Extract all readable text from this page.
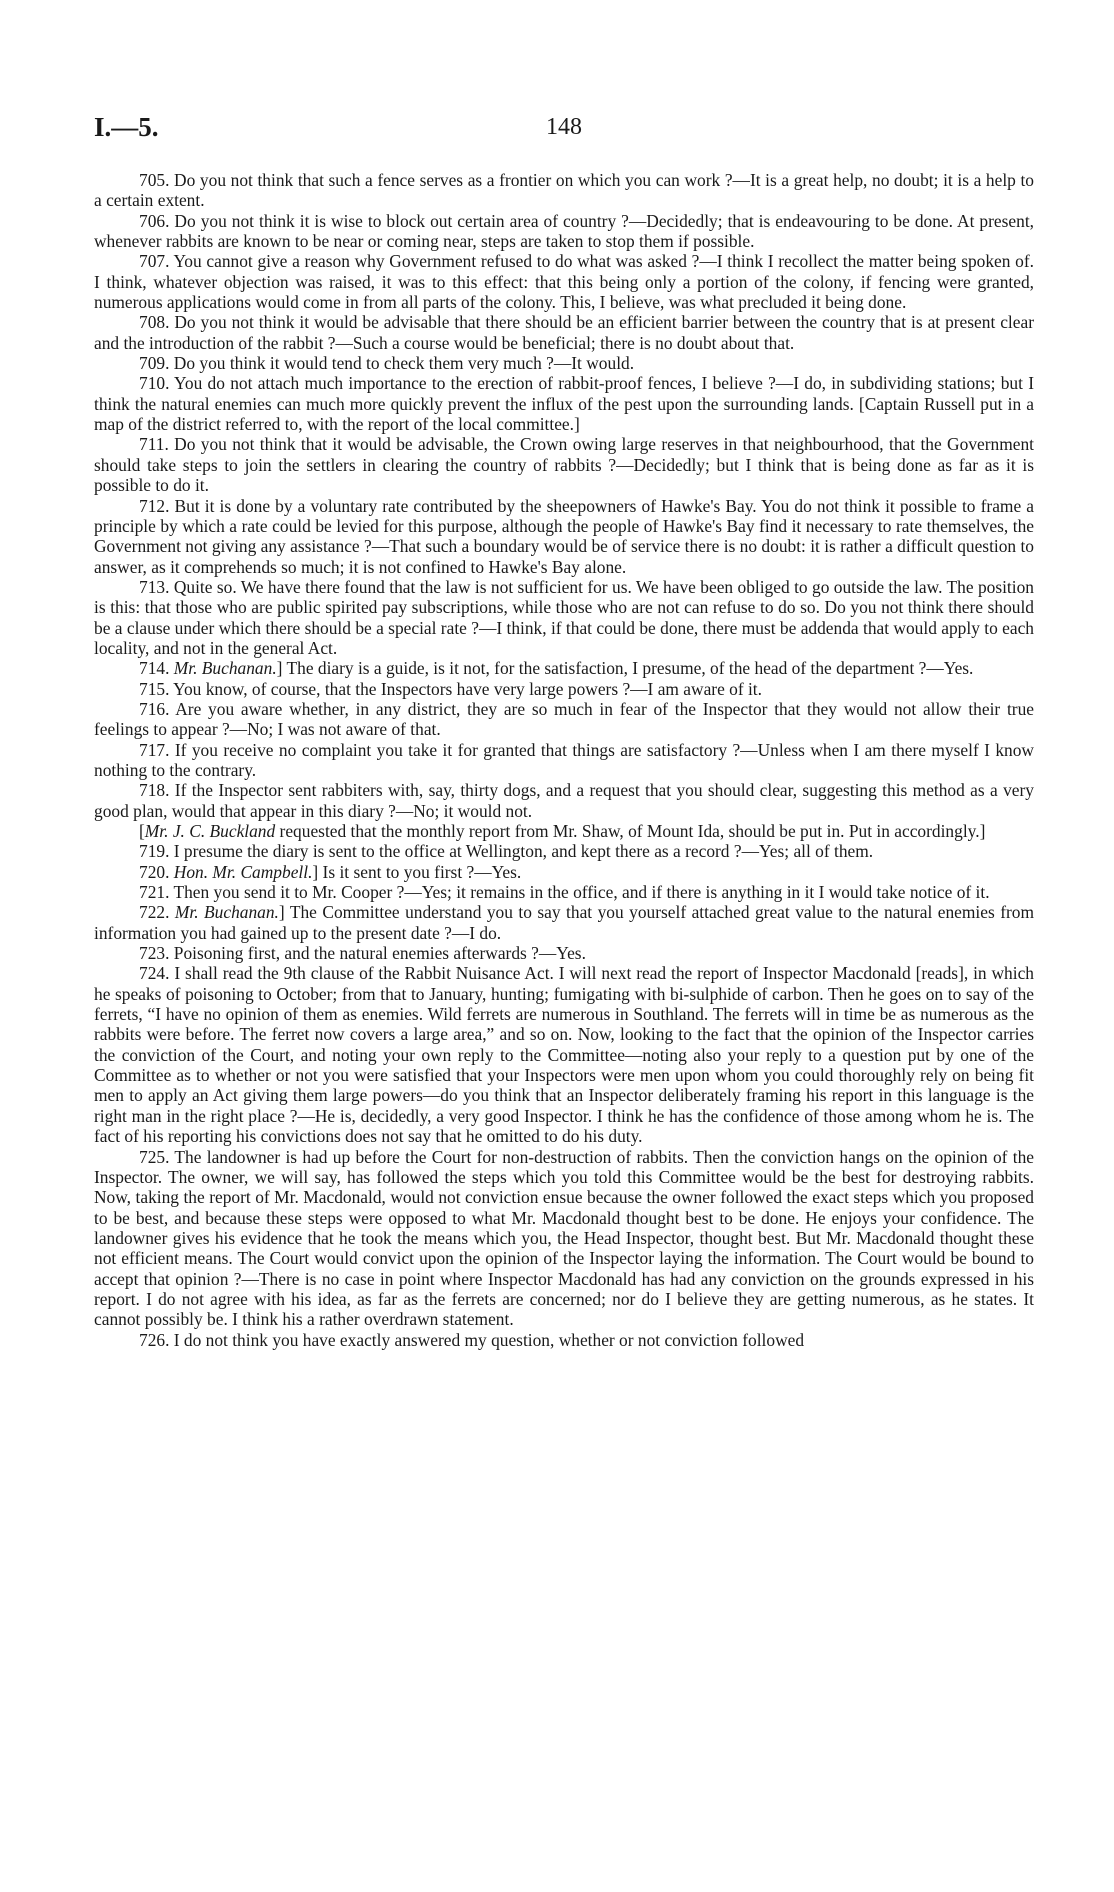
I.—5.	148

705. Do you not think that such a fence serves as a frontier on which you can work ?—It is a great help, no doubt; it is a help to a certain extent.

706. Do you not think it is wise to block out certain area of country ?—Decidedly; that is endeavouring to be done. At present, whenever rabbits are known to be near or coming near, steps are taken to stop them if possible.

707. You cannot give a reason why Government refused to do what was asked ?—I think I recollect the matter being spoken of. I think, whatever objection was raised, it was to this effect: that this being only a portion of the colony, if fencing were granted, numerous applications would come in from all parts of the colony. This, I believe, was what precluded it being done.

708. Do you not think it would be advisable that there should be an efficient barrier between the country that is at present clear and the introduction of the rabbit ?—Such a course would be beneficial; there is no doubt about that.

709. Do you think it would tend to check them very much ?—It would.

710. You do not attach much importance to the erection of rabbit-proof fences, I believe ?—I do, in subdividing stations; but I think the natural enemies can much more quickly prevent the influx of the pest upon the surrounding lands. [Captain Russell put in a map of the district referred to, with the report of the local committee.]

711. Do you not think that it would be advisable, the Crown owing large reserves in that neighbourhood, that the Government should take steps to join the settlers in clearing the country of rabbits ?—Decidedly; but I think that is being done as far as it is possible to do it.

712. But it is done by a voluntary rate contributed by the sheepowners of Hawke's Bay. You do not think it possible to frame a principle by which a rate could be levied for this purpose, although the people of Hawke's Bay find it necessary to rate themselves, the Government not giving any assistance ?—That such a boundary would be of service there is no doubt: it is rather a difficult question to answer, as it comprehends so much; it is not confined to Hawke's Bay alone.

713. Quite so. We have there found that the law is not sufficient for us. We have been obliged to go outside the law. The position is this: that those who are public spirited pay subscriptions, while those who are not can refuse to do so. Do you not think there should be a clause under which there should be a special rate ?—I think, if that could be done, there must be addenda that would apply to each locality, and not in the general Act.

714. Mr. Buchanan.] The diary is a guide, is it not, for the satisfaction, I presume, of the head of the department ?—Yes.

715. You know, of course, that the Inspectors have very large powers ?—I am aware of it.

716. Are you aware whether, in any district, they are so much in fear of the Inspector that they would not allow their true feelings to appear ?—No; I was not aware of that.

717. If you receive no complaint you take it for granted that things are satisfactory ?—Unless when I am there myself I know nothing to the contrary.

718. If the Inspector sent rabbiters with, say, thirty dogs, and a request that you should clear, suggesting this method as a very good plan, would that appear in this diary ?—No; it would not.

[Mr. J. C. Buckland requested that the monthly report from Mr. Shaw, of Mount Ida, should be put in. Put in accordingly.]

719. I presume the diary is sent to the office at Wellington, and kept there as a record ?—Yes; all of them.

720. Hon. Mr. Campbell.] Is it sent to you first ?—Yes.

721. Then you send it to Mr. Cooper ?—Yes; it remains in the office, and if there is anything in it I would take notice of it.

722. Mr. Buchanan.] The Committee understand you to say that you yourself attached great value to the natural enemies from information you had gained up to the present date ?—I do.

723. Poisoning first, and the natural enemies afterwards ?—Yes.

724. I shall read the 9th clause of the Rabbit Nuisance Act. I will next read the report of Inspector Macdonald [reads], in which he speaks of poisoning to October; from that to January, hunting; fumigating with bi-sulphide of carbon. Then he goes on to say of the ferrets, “I have no opinion of them as enemies. Wild ferrets are numerous in Southland. The ferrets will in time be as numerous as the rabbits were before. The ferret now covers a large area,” and so on. Now, looking to the fact that the opinion of the Inspector carries the conviction of the Court, and noting your own reply to the Committee—noting also your reply to a question put by one of the Committee as to whether or not you were satisfied that your Inspectors were men upon whom you could thoroughly rely on being fit men to apply an Act giving them large powers—do you think that an Inspector deliberately framing his report in this language is the right man in the right place ?—He is, decidedly, a very good Inspector. I think he has the confidence of those among whom he is. The fact of his reporting his convictions does not say that he omitted to do his duty.

725. The landowner is had up before the Court for non-destruction of rabbits. Then the conviction hangs on the opinion of the Inspector. The owner, we will say, has followed the steps which you told this Committee would be the best for destroying rabbits. Now, taking the report of Mr. Macdonald, would not conviction ensue because the owner followed the exact steps which you proposed to be best, and because these steps were opposed to what Mr. Macdonald thought best to be done. He enjoys your confidence. The landowner gives his evidence that he took the means which you, the Head Inspector, thought best. But Mr. Macdonald thought these not efficient means. The Court would convict upon the opinion of the Inspector laying the information. The Court would be bound to accept that opinion ?—There is no case in point where Inspector Macdonald has had any conviction on the grounds expressed in his report. I do not agree with his idea, as far as the ferrets are concerned; nor do I believe they are getting numerous, as he states. It cannot possibly be. I think his a rather overdrawn statement.

726. I do not think you have exactly answered my question, whether or not conviction followed
